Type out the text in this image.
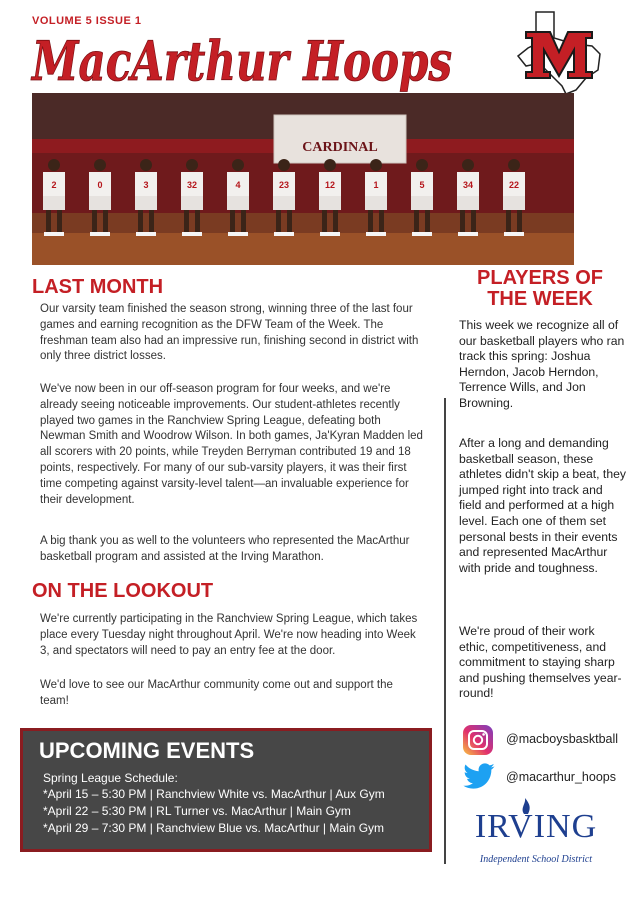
VOLUME 5 ISSUE 1
MacArthur Hoops
CARDINAL
2	0	3	32	4	23	12	1	5	34	22
LAST MONTH

Our varsity team finished the season strong, winning three of the last four games and earning recognition as the DFW Team of the Week. The freshman team also had an impressive run, finishing second in district with only three district losses.

We've now been in our off-season program for four weeks, and we're already seeing noticeable improvements. Our student-athletes recently played two games in the Ranchview Spring League, defeating both Newman Smith and Woodrow Wilson. In both games, Ja'Kyran Madden led all scorers with 20 points, while Treyden Berryman contributed 19 and 18 points, respectively. For many of our sub-varsity players, it was their first time competing against varsity-level talent—an invaluable experience for their development.

A big thank you as well to the volunteers who represented the MacArthur basketball program and assisted at the Irving Marathon.

ON THE LOOKOUT

We're currently participating in the Ranchview Spring League, which takes place every Tuesday night throughout April. We're now heading into Week 3, and spectators will need to pay an entry fee at the door.

We'd love to see our MacArthur community come out and support the team!

PLAYERS OF THE WEEK

This week we recognize all of our basketball players who ran track this spring: Joshua Herndon, Jacob Herndon, Terrence Wills, and Jon Browning.

After a long and demanding basketball season, these athletes didn't skip a beat, they jumped right into track and field and performed at a high level. Each one of them set personal bests in their events and represented MacArthur with pride and toughness.

We're proud of their work ethic, competitiveness, and commitment to staying sharp and pushing themselves year-round!

UPCOMING EVENTS

Spring League Schedule:

*April 15 – 5:30 PM | Ranchview White vs. MacArthur | Aux Gym

*April 22 – 5:30 PM | RL Turner vs. MacArthur | Main Gym

*April 29 – 7:30 PM | Ranchview Blue vs. MacArthur | Main Gym

@macboysbasktball
@macarthur_hoops
IRVING
Independent School District
